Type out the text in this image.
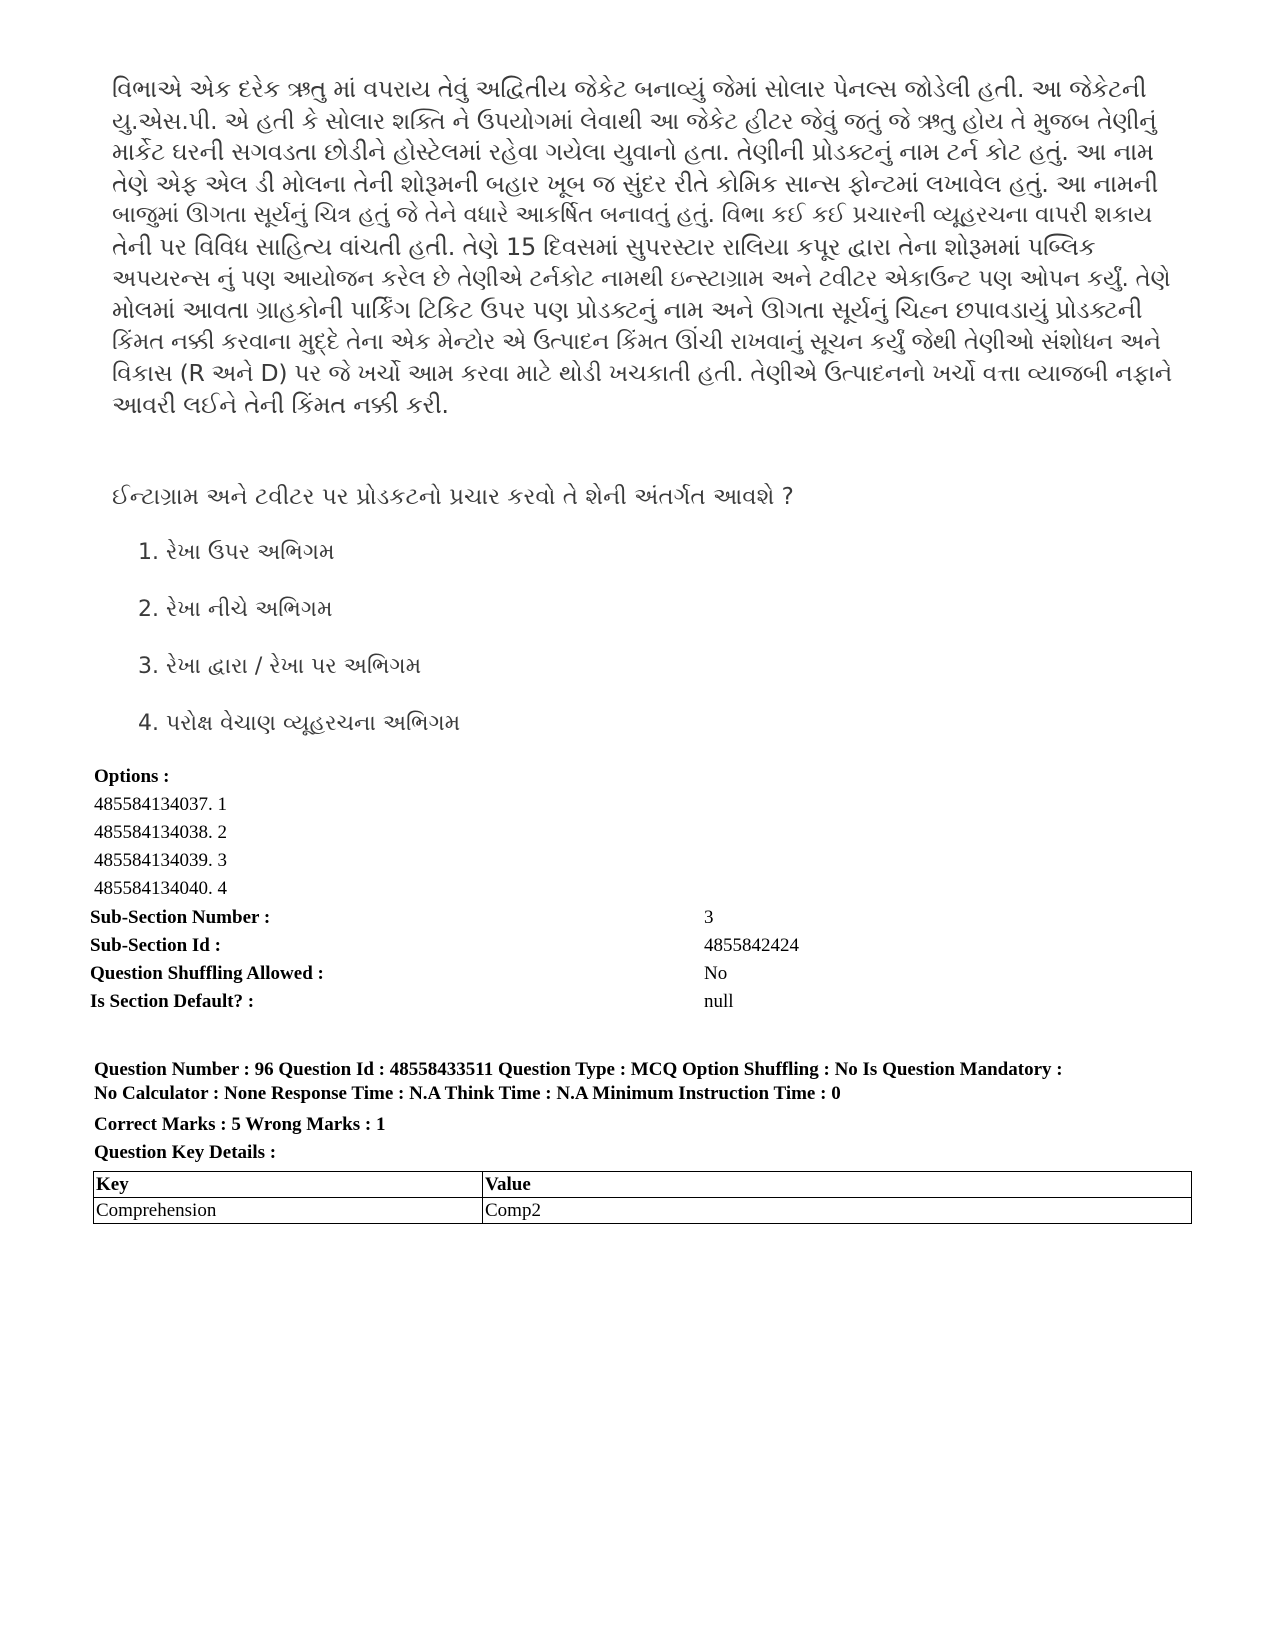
વિભાએ એક દરેક ઋતુ માં વપરાય તેવું અદ્વિતીય જેકેટ બનાવ્યું જેમાં સોલાર પેનલ્સ જોડેલી હતી. આ જેકેટની
યુ.એસ.પી. એ હતી કે સોલાર શક્તિ ને ઉપયોગમાં લેવાથી આ જેકેટ હીટર જેવું જતું જે ઋતુ હોય તે મુજબ તેણીનું
માર્કેટ ઘરની સગવડતા છોડીને હોસ્ટેલમાં રહેવા ગયેલા યુવાનો હતા. તેણીની પ્રોડક્ટનું નામ ટર્ન કોટ હતું. આ નામ
તેણે એફ એલ ડી મોલના તેની શોરૂમની બહાર ખૂબ જ સુંદર રીતે કોમિક સાન્સ ફોન્ટમાં લખાવેલ હતું. આ નામની
બાજુમાં ઊગતા સૂર્યનું ચિત્ર હતું જે તેને વધારે આકર્ષિત બનાવતું હતું. વિભા કઈ કઈ પ્રચારની વ્યૂહરચના વાપરી શકાય
તેની પર વિવિધ સાહિત્ય વાંચતી હતી. તેણે 15 દિવસમાં સુપરસ્ટાર રાલિયા કપૂર દ્વારા તેના શોરૂમમાં પબ્લિક
અપયરન્સ નું પણ આયોજન કરેલ છે તેણીએ ટર્નકોટ નામથી ઇન્સ્ટાગ્રામ અને ટવીટર એકાઉન્ટ પણ ઓપન કર્યું. તેણે
મોલમાં આવતા ગ્રાહકોની પાર્કિંગ ટિકિટ ઉપર પણ પ્રોડક્ટનું નામ અને ઊગતા સૂર્યનું ચિહ્ન છપાવડાયું પ્રોડક્ટની
કિંમત નક્કી કરવાના મુદ્દે તેના એક મેન્ટોર એ ઉત્પાદન કિંમત ઊંચી રાખવાનું સૂચન કર્યું જેથી તેણીઓ સંશોધન અને
વિકાસ (R અને D) પર જે ખર્ચો આમ કરવા માટે થોડી ખચકાતી હતી. તેણીએ ઉત્પાદનનો ખર્ચો વત્તા વ્યાજબી નફાને
આવરી લઈને તેની કિંમત નક્કી કરી.
ઈન્ટાગ્રામ અને ટવીટર પર પ્રોડકટનો પ્રચાર કરવો તે શેની અંતર્ગત આવશે ?
1. રેખા ઉપર અભિગમ
2. રેખા નીચે અભિગમ
3. રેખા દ્વારા / રેખા પર અભિગમ
4. પરોક્ષ વેચાણ વ્યૂહરચના અભિગમ
Options :
485584134037. 1
485584134038. 2
485584134039. 3
485584134040. 4
Sub-Section Number :	3
Sub-Section Id :	4855842424
Question Shuffling Allowed :	No
Is Section Default? :	null
Question Number : 96 Question Id : 48558433511 Question Type : MCQ Option Shuffling : No Is Question Mandatory :
No Calculator : None Response Time : N.A Think Time : N.A Minimum Instruction Time : 0
Correct Marks : 5 Wrong Marks : 1
Question Key Details :
Key	Value
Comprehension	Comp2
